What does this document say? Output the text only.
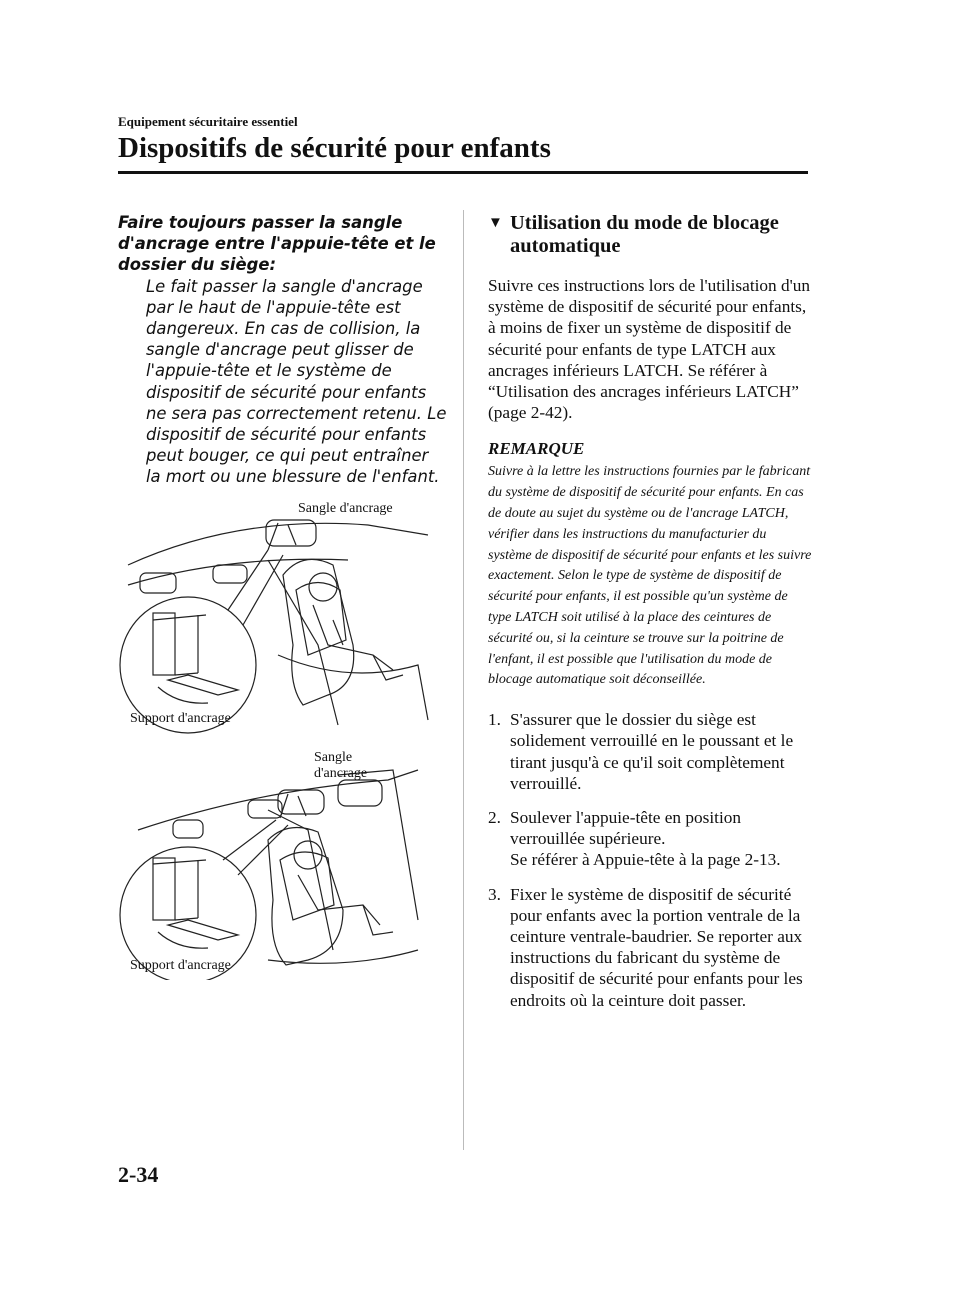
Equipement sécuritaire essentiel
Dispositifs de sécurité pour enfants

Faire toujours passer la sangle d'ancrage entre l'appuie-tête et le dossier du siège:

Le fait passer la sangle d'ancrage par le haut de l'appuie-tête est dangereux. En cas de collision, la sangle d'ancrage peut glisser de l'appuie-tête et le système de dispositif de sécurité pour enfants ne sera pas correctement retenu. Le dispositif de sécurité pour enfants peut bouger, ce qui peut entraîner la mort ou une blessure de l'enfant.

Sangle d'ancrage
Support d'ancrage
Sangle
d'ancrage
Support d'ancrage
▼ Utilisation du mode de blocage automatique

Suivre ces instructions lors de l'utilisation d'un système de dispositif de sécurité pour enfants, à moins de fixer un système de dispositif de sécurité pour enfants de type LATCH aux ancrages inférieurs LATCH. Se référer à “Utilisation des ancrages inférieurs LATCH” (page 2-42).

REMARQUE

Suivre à la lettre les instructions fournies par le fabricant du système de dispositif de sécurité pour enfants. En cas de doute au sujet du système ou de l'ancrage LATCH, vérifier dans les instructions du manufacturier du système de dispositif de sécurité pour enfants et les suivre exactement. Selon le type de système de dispositif de sécurité pour enfants, il est possible qu'un système de type LATCH soit utilisé à la place des ceintures de sécurité ou, si la ceinture se trouve sur la poitrine de l'enfant, il est possible que l'utilisation du mode de blocage automatique soit déconseillée.

1. S'assurer que le dossier du siège est solidement verrouillé en le poussant et le tirant jusqu'à ce qu'il soit complètement verrouillé.
2. Soulever l'appuie-tête en position verrouillée supérieure.
Se référer à Appuie-tête à la page 2-13.
3. Fixer le système de dispositif de sécurité pour enfants avec la portion ventrale de la ceinture ventrale-baudrier. Se reporter aux instructions du fabricant du système de dispositif de sécurité pour enfants pour les endroits où la ceinture doit passer.
2-34
